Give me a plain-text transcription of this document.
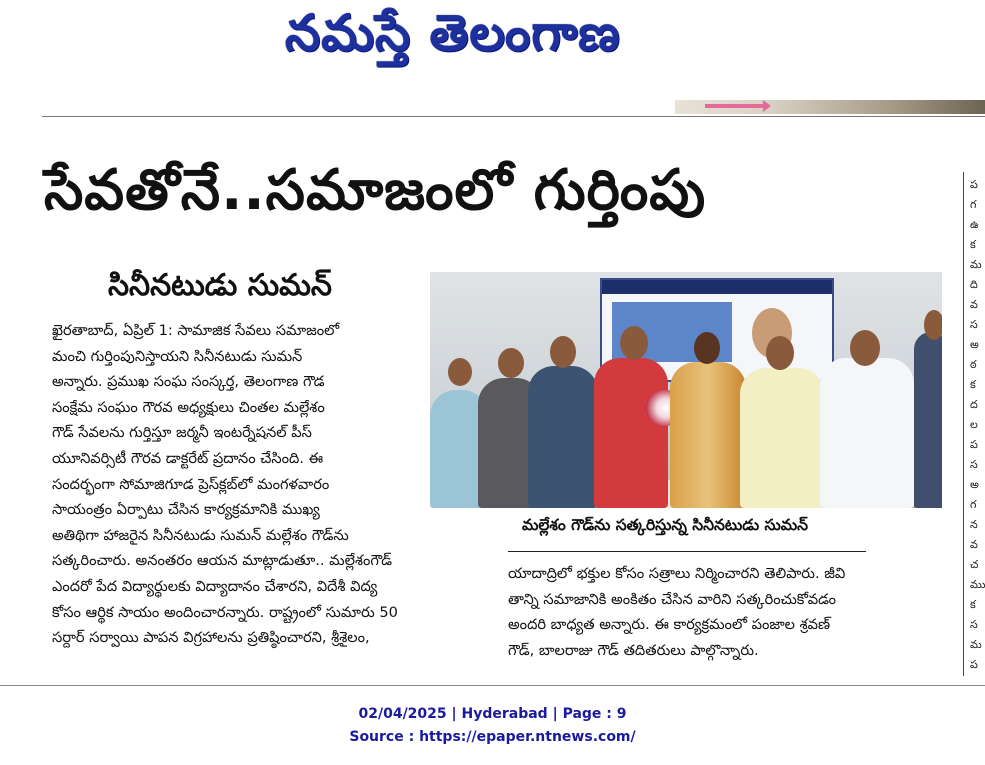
నమస్తే తెలంగాణ
సేవతోనే..సమాజంలో గుర్తింపు
సినీనటుడు సుమన్
ఖైరతాబాద్, ఏప్రిల్ 1: సామాజిక సేవలు సమాజంలో
మంచి గుర్తింపునిస్తాయని సినీనటుడు సుమన్
అన్నారు. ప్రముఖ సంఘ సంస్కర్త, తెలంగాణ గౌడ
సంక్షేమ సంఘం గౌరవ అధ్యక్షులు చింతల మల్లేశం
గౌడ్ సేవలను గుర్తిస్తూ జర్మనీ ఇంటర్నేషనల్ పీస్
యూనివర్సిటీ గౌరవ డాక్టరేట్ ప్రదానం చేసింది. ఈ
సందర్భంగా సోమాజిగూడ ప్రెస్‌క్లబ్‌లో మంగళవారం
సాయంత్రం ఏర్పాటు చేసిన కార్యక్రమానికి ముఖ్య
అతిథిగా హాజరైన సినీనటుడు సుమన్ మల్లేశం గౌడ్‌ను
సత్కరించారు. అనంతరం ఆయన మాట్లాడుతూ.. మల్లేశంగౌడ్
ఎందరో పేద విద్యార్థులకు విద్యాదానం చేశారని, విదేశీ విద్య
కోసం ఆర్థిక సాయం అందించారన్నారు. రాష్ట్రంలో సుమారు 50
సర్దార్ సర్వాయి పాపన విగ్రహాలను ప్రతిష్ఠించారని, శ్రీశైలం,
మల్లేశం గౌడ్‌ను సత్కరిస్తున్న సినీనటుడు సుమన్
యాదాద్రిలో భక్తుల కోసం సత్రాలు నిర్మించారని తెలిపారు. జీవి
తాన్ని సమాజానికి అంకితం చేసిన వారిని సత్కరించుకోవడం
అందరి బాధ్యత అన్నారు. ఈ కార్యక్రమంలో పంజాల శ్రవణ్
గౌడ్, బాలరాజు గౌడ్ తదితరులు పాల్గొన్నారు.
ప
గ
ఉ
క
మ
ది
వ
స
అ
ఠ
క
ద
ల
ప
స
అ
గ
న
వ
చ
ము
క
స
మ
ప
02/04/2025 | Hyderabad | Page : 9
Source : https://epaper.ntnews.com/
